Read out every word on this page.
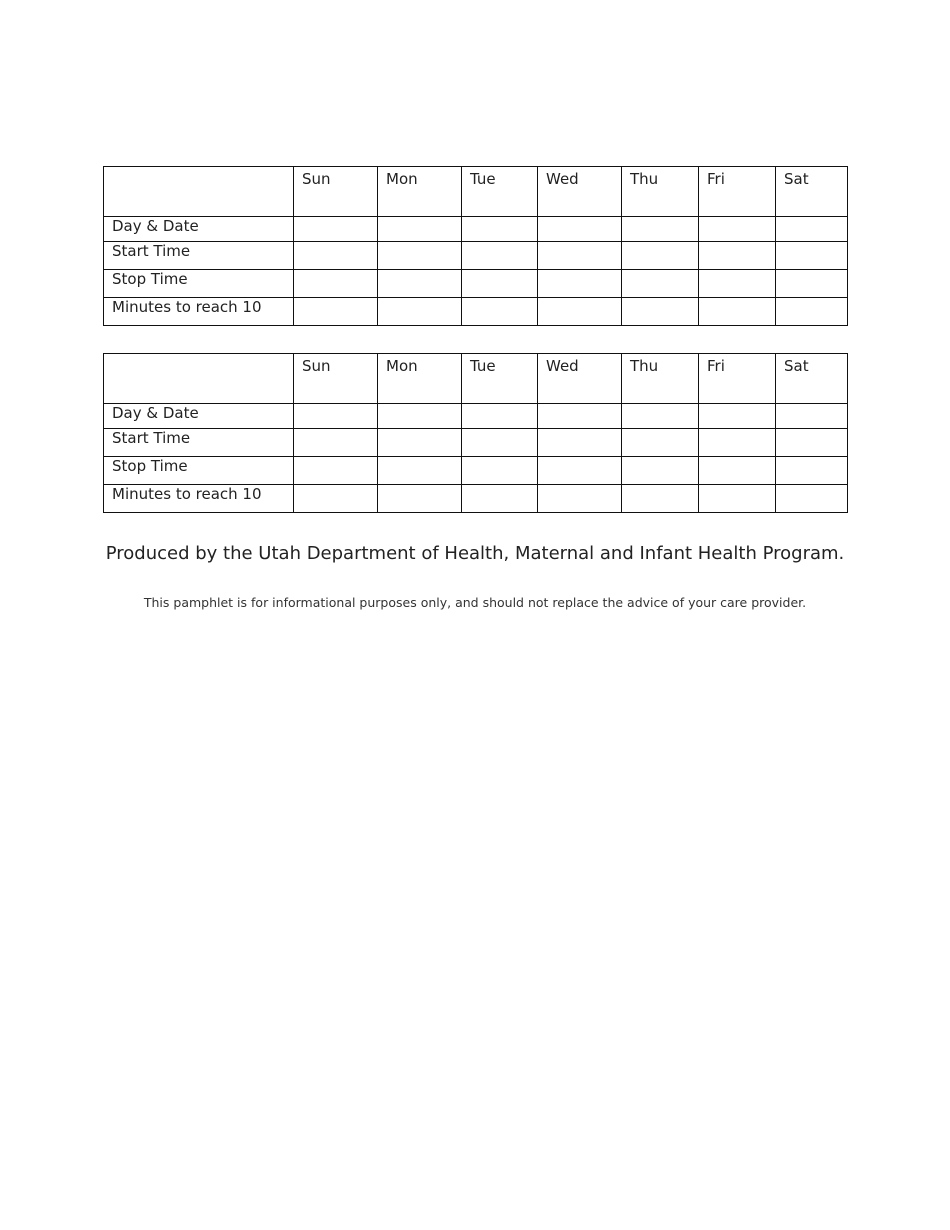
	Sun	Mon	Tue	Wed	Thu	Fri	Sat
Day & Date							
Start Time							
Stop Time							
Minutes to reach 10							
	Sun	Mon	Tue	Wed	Thu	Fri	Sat
Day & Date							
Start Time							
Stop Time							
Minutes to reach 10							
Produced by the Utah Department of Health, Maternal and Infant Health Program.
This pamphlet is for informational purposes only, and should not replace the advice of your care provider.
